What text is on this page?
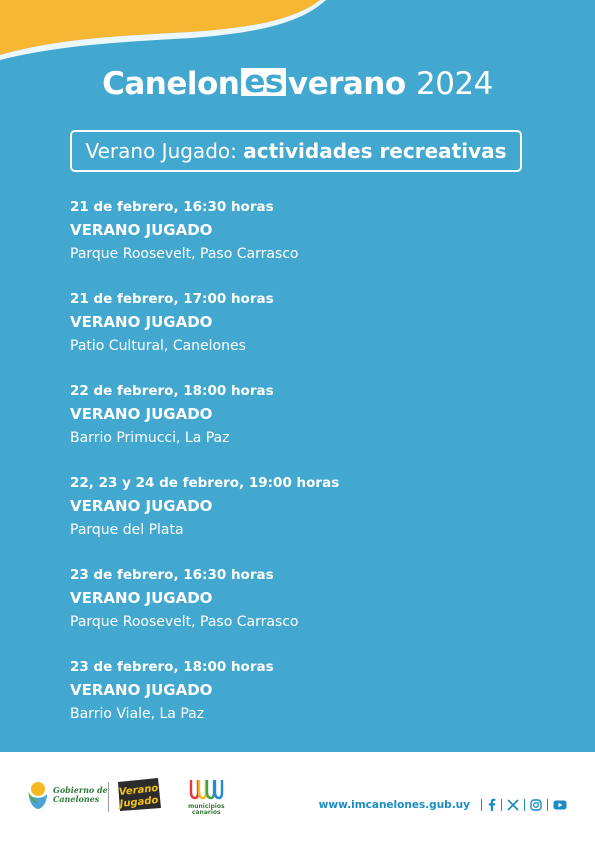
Canelon es verano 2024
Verano Jugado: actividades recreativas
21 de febrero, 16:30 horas
VERANO JUGADO
Parque Roosevelt, Paso Carrasco
21 de febrero, 17:00 horas
VERANO JUGADO
Patio Cultural, Canelones
22 de febrero, 18:00 horas
VERANO JUGADO
Barrio Primucci, La Paz
22, 23 y 24 de febrero, 19:00 horas
VERANO JUGADO
Parque del Plata
23 de febrero, 16:30 horas
VERANO JUGADO
Parque Roosevelt, Paso Carrasco
23 de febrero, 18:00 horas
VERANO JUGADO
Barrio Viale, La Paz
Gobierno de
Canelones
Verano
Jugado	municipios
canarios
www.imcanelones.gub.uy
